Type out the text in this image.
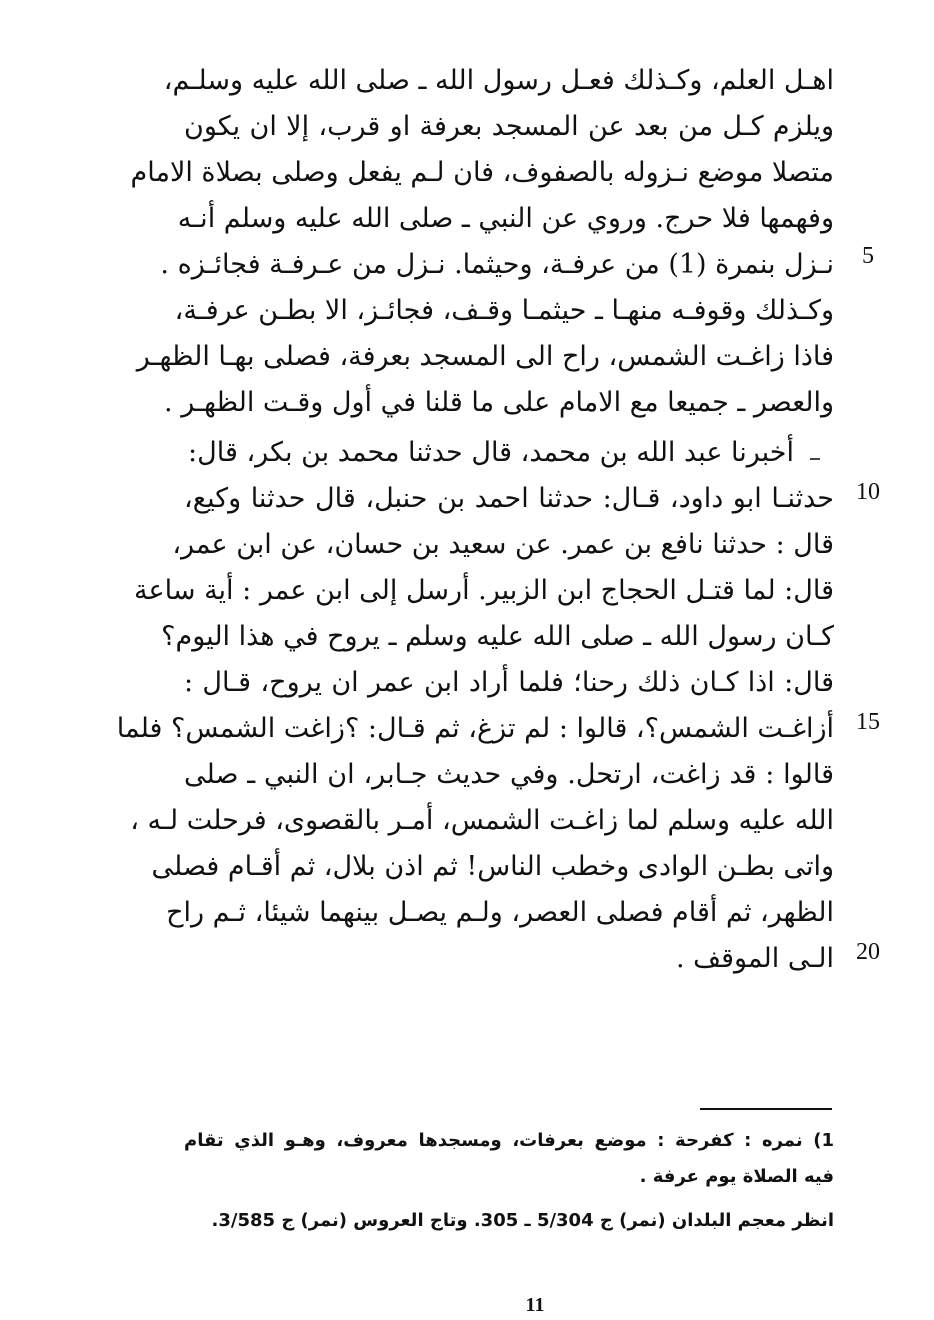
اهـل العلم، وكـذلك فعـل رسول الله ـ صلى الله عليه وسلـم،
ويلزم كـل من بعد عن المسجد بعرفة او قرب، إلا ان يكون
متصلا موضع نـزوله بالصفوف، فان لـم يفعل وصلى بصلاة الامام
وفهمها فلا حرج. وروي عن النبي ـ صلى الله عليه وسلم أنـه
نـزل بنمرة (1) من عرفـة، وحيثما. نـزل من عـرفـة فجائـزه .
وكـذلك وقوفـه منهـا ـ حيثمـا وقـف، فجائـز، الا بطـن عرفـة،
فاذا زاغـت الشمس، راح الى المسجد بعرفة، فصلى بهـا الظهـر
والعصر ـ جميعا مع الامام على ما قلنا في أول وقـت الظهـر .
أخبرنا عبد الله بن محمد، قال حدثنا محمد بن بكر، قال:
حدثنـا ابو داود، قـال: حدثنا احمد بن حنبل، قال حدثنا وكيع،
قال : حدثنا نافع بن عمر. عن سعيد بن حسان، عن ابن عمر،
قال: لما قتـل الحجاج ابن الزبير. أرسل إلى ابن عمر : أية ساعة
كـان رسول الله ـ صلى الله عليه وسلم ـ يروح في هذا اليوم؟
قال: اذا كـان ذلك رحنا؛ فلما أراد ابن عمر ان يروح، قـال :
أزاغـت الشمس؟، قالوا : لم تزغ، ثم قـال: ؟زاغت الشمس؟ فلما
قالوا : قد زاغت، ارتحل. وفي حديث جـابر، ان النبي ـ صلى
الله عليه وسلم لما زاغـت الشمس، أمـر بالقصوى، فرحلت لـه ،
واتى بطـن الوادى وخطب الناس! ثم اذن بلال، ثم أقـام فصلى
الظهر، ثم أقام فصلى العصر، ولـم يصـل بينهما شيئا، ثـم راح
الـى الموقف .
5
10
15
20
1) نمره : كفرحة : موضع بعرفات، ومسجدها معروف، وهـو الذي تقام
فيه الصلاة يوم عرفة .
انظر معجم البلدان (نمر) ج 5/304 ـ 305. وتاج العروس (نمر) ج 3/585.
11
